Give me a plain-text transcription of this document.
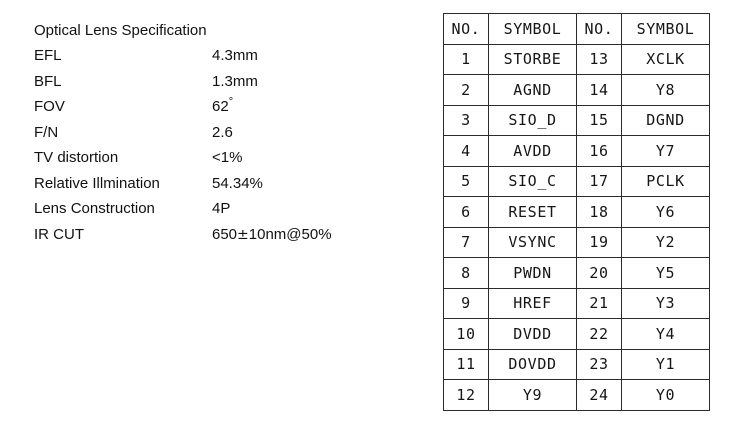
Optical Lens Specification
EFL	4.3mm
BFL	1.3mm
FOV	62°
F/N	2.6
TV distortion	<1%
Relative Illmination	54.34%
Lens Construction	4P
IR CUT	650±10nm@50%
NO.	SYMBOL	NO.	SYMBOL
1	STORBE	13	XCLK
2	AGND	14	Y8
3	SIO_D	15	DGND
4	AVDD	16	Y7
5	SIO_C	17	PCLK
6	RESET	18	Y6
7	VSYNC	19	Y2
8	PWDN	20	Y5
9	HREF	21	Y3
10	DVDD	22	Y4
11	DOVDD	23	Y1
12	Y9	24	Y0
